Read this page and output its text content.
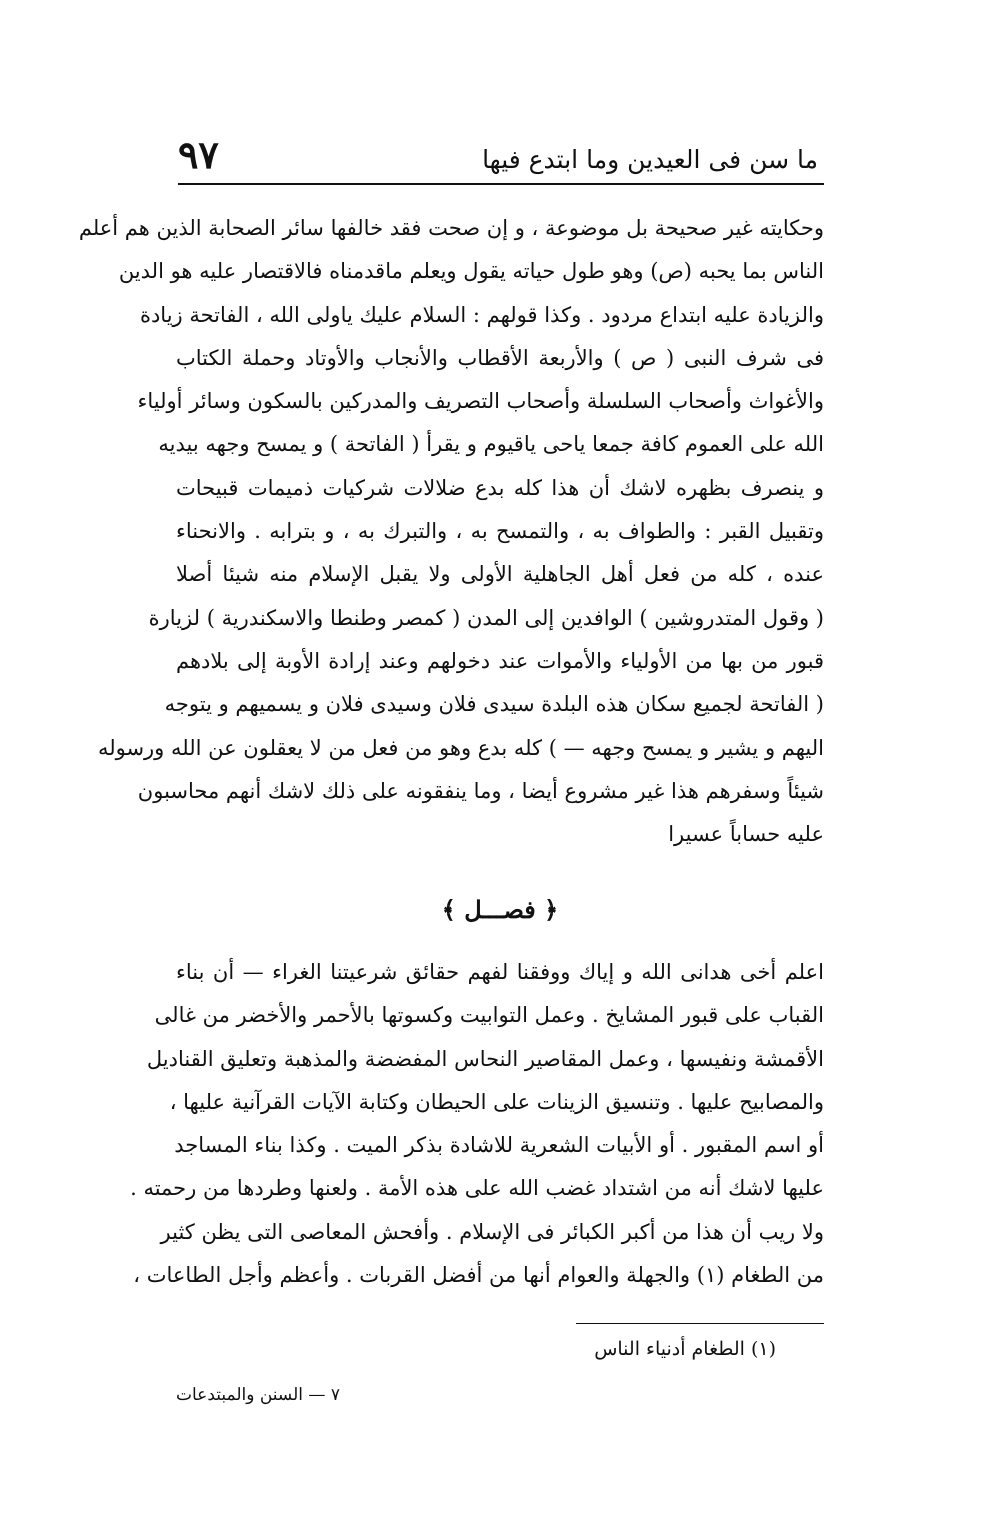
ما سن فى العيدين وما ابتدع فيها
٩٧
وحكايته غير صحيحة بل موضوعة ، و إن صحت فقد خالفها سائر الصحابة الذين هم أعلم
الناس بما يحبه (ص) وهو طول حياته يقول ويعلم ماقدمناه فالاقتصار عليه هو الدين
والزيادة عليه ابتداع مردود . وكذا قولهم : السلام عليك ياولى الله ، الفاتحة زيادة
فى شرف النبى ( ص ) والأربعة الأقطاب والأنجاب والأوتاد وحملة الكتاب
والأغواث وأصحاب السلسلة وأصحاب التصريف والمدركين بالسكون وسائر أولياء
الله على العموم كافة جمعا ياحى ياقيوم و يقرأ ( الفاتحة ) و يمسح وجهه بيديه
و ينصرف بظهره لاشك أن هذا كله بدع ضلالات شركيات ذميمات قبيحات
وتقبيل القبر : والطواف به ، والتمسح به ، والتبرك به ، و بترابه . والانحناء
عنده ، كله من فعل أهل الجاهلية الأولى ولا يقبل الإسلام منه شيئا أصلا
( وقول المتدروشين ) الوافدين إلى المدن ( كمصر وطنطا والاسكندرية ) لزيارة
قبور من بها من الأولياء والأموات عند دخولهم وعند إرادة الأوبة إلى بلادهم
( الفاتحة لجميع سكان هذه البلدة سيدى فلان وسيدى فلان و يسميهم و يتوجه
اليهم و يشير و يمسح وجهه — ) كله بدع وهو من فعل من لا يعقلون عن الله ورسوله
شيئاً وسفرهم هذا غير مشروع أيضا ، وما ينفقونه على ذلك لاشك أنهم محاسبون
عليه حساباً عسيرا
﴿ فصـــل ﴾
اعلم أخى هدانى الله و إياك ووفقنا لفهم حقائق شرعيتنا الغراء — أن بناء
القباب على قبور المشايخ . وعمل التوابيت وكسوتها بالأحمر والأخضر من غالى
الأقمشة ونفيسها ، وعمل المقاصير النحاس المفضضة والمذهبة وتعليق القناديل
والمصابيح عليها . وتنسيق الزينات على الحيطان وكتابة الآيات القرآنية عليها ،
أو اسم المقبور . أو الأبيات الشعرية للاشادة بذكر الميت . وكذا بناء المساجد
عليها لاشك أنه من اشتداد غضب الله على هذه الأمة . ولعنها وطردها من رحمته .
ولا ريب أن هذا من أكبر الكبائر فى الإسلام . وأفحش المعاصى التى يظن كثير
من الطغام (١) والجهلة والعوام أنها من أفضل القربات . وأعظم وأجل الطاعات ،
(١) الطغام أدنياء الناس
٧ — السنن والمبتدعات
